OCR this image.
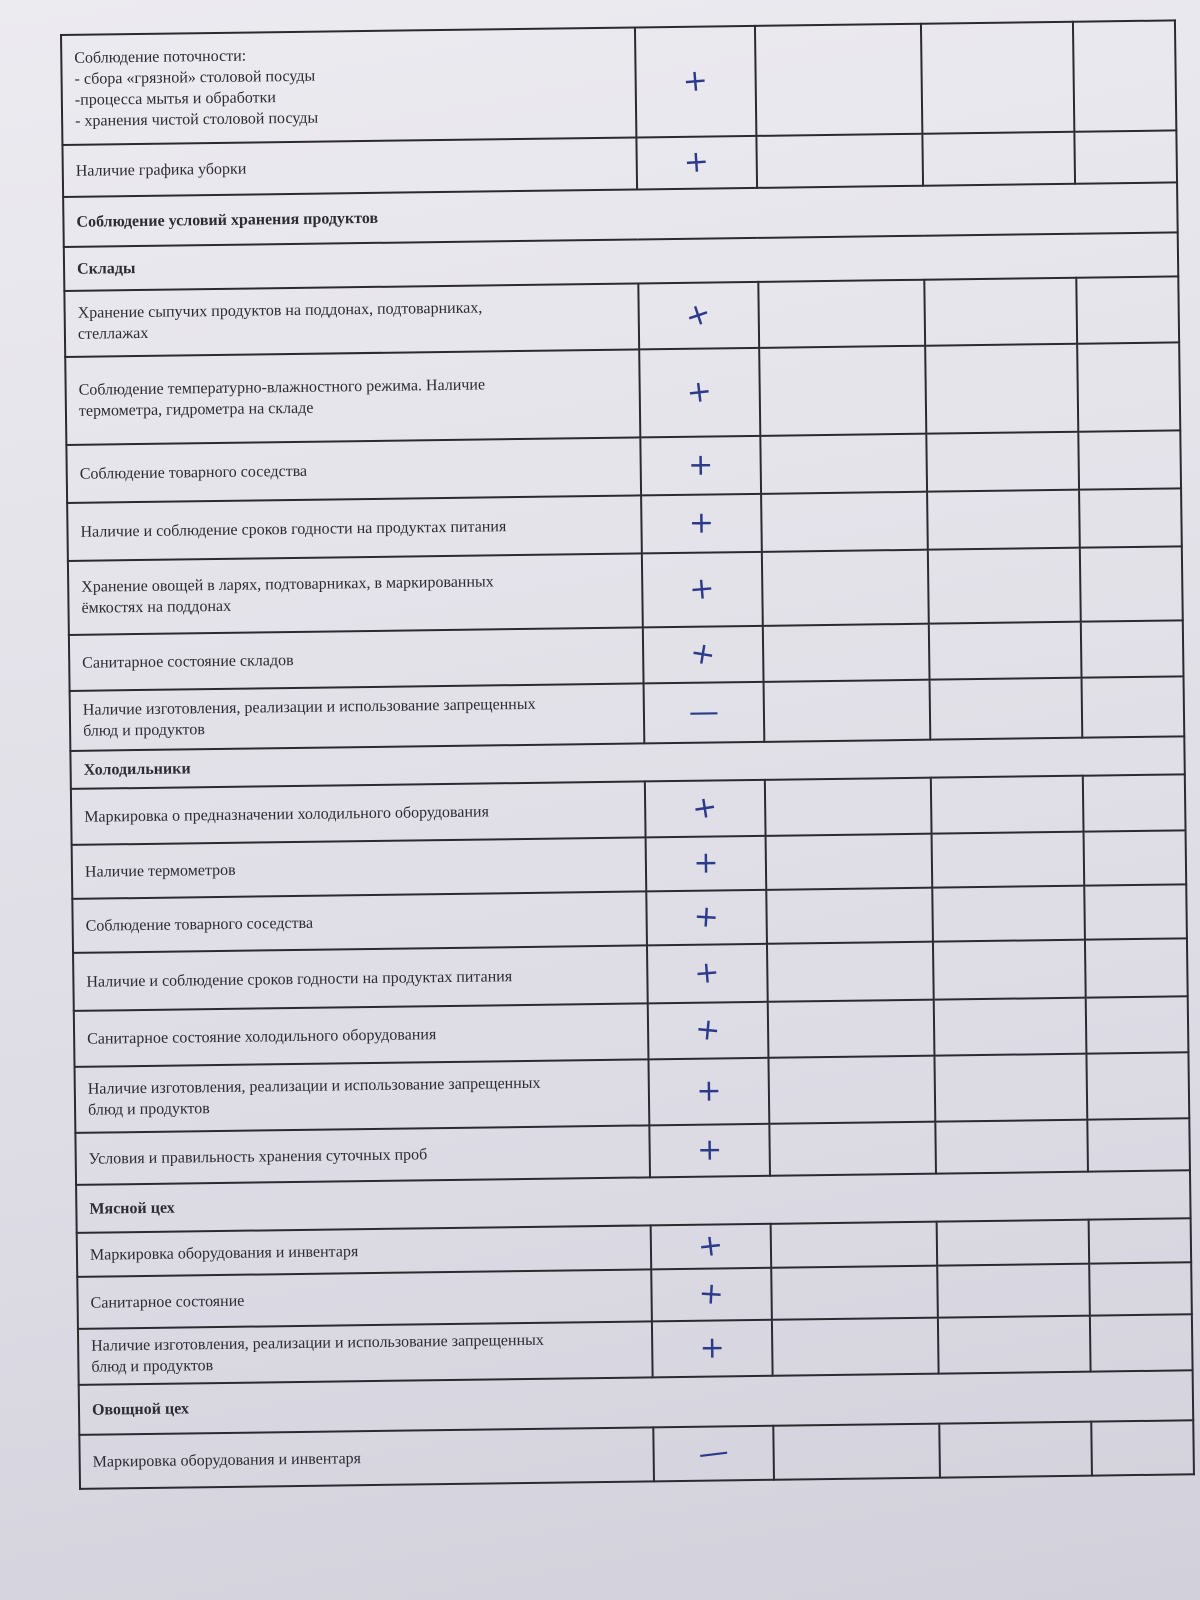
Соблюдение поточности:
- сбора «грязной» столовой посуды
-процесса мытья и обработки
- хранения чистой столовой посуды	+			

Наличие графика уборки	+			
Соблюдение условий хранения продуктов				
Склады				

Хранение сыпучих продуктов на поддонах, подтоварниках,
стеллажах	+			

Соблюдение температурно-влажностного режима. Наличие
термометра, гидрометра на складе	+			

Соблюдение товарного соседства	+			

Наличие и соблюдение сроков годности на продуктах питания	+			

Хранение овощей в ларях, подтоварниках, в маркированных
ёмкостях на поддонах	+			

Санитарное состояние складов	+			

Наличие изготовления, реализации и использование запрещенных
блюд и продуктов	—			
Холодильники				

Маркировка о предназначении холодильного оборудования	+			

Наличие термометров	+			

Соблюдение товарного соседства	+			

Наличие и соблюдение сроков годности на продуктах питания	+			

Санитарное состояние холодильного оборудования	+			

Наличие изготовления, реализации и использование запрещенных
блюд и продуктов	+			

Условия и правильность хранения суточных проб	+			
Мясной цех				

Маркировка оборудования и инвентаря	+			

Санитарное состояние	+			

Наличие изготовления, реализации и использование запрещенных
блюд и продуктов	+			
Овощной цех				

Маркировка оборудования и инвентаря	—			
